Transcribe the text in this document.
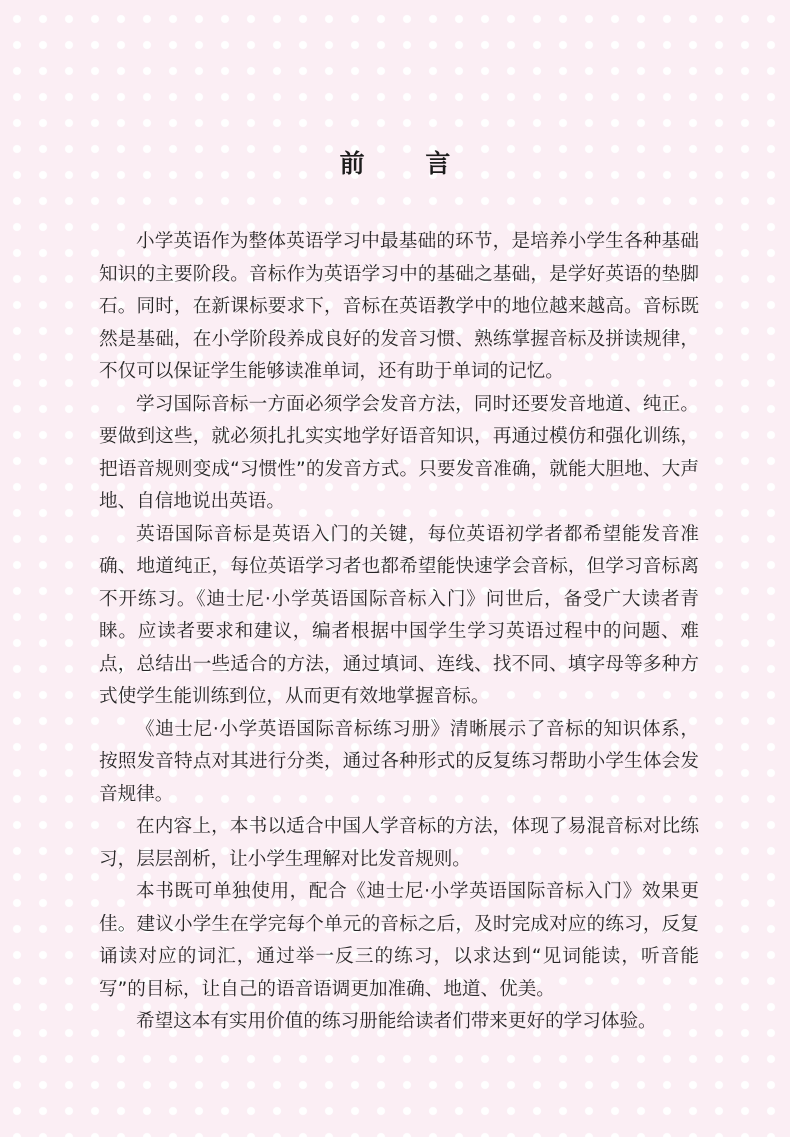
前 言

小学英语作为整体英语学习中最基础的环节，是培养小学生各种基础知识的主要阶段。音标作为英语学习中的基础之基础，是学好英语的垫脚石。同时，在新课标要求下，音标在英语教学中的地位越来越高。音标既然是基础，在小学阶段养成良好的发音习惯、熟练掌握音标及拼读规律，不仅可以保证学生能够读准单词，还有助于单词的记忆。

学习国际音标一方面必须学会发音方法，同时还要发音地道、纯正。要做到这些，就必须扎扎实实地学好语音知识，再通过模仿和强化训练，把语音规则变成“习惯性”的发音方式。只要发音准确，就能大胆地、大声地、自信地说出英语。

英语国际音标是英语入门的关键，每位英语初学者都希望能发音准确、地道纯正，每位英语学习者也都希望能快速学会音标，但学习音标离不开练习。《迪士尼·小学英语国际音标入门》问世后，备受广大读者青睐。应读者要求和建议，编者根据中国学生学习英语过程中的问题、难点，总结出一些适合的方法，通过填词、连线、找不同、填字母等多种方式使学生能训练到位，从而更有效地掌握音标。

《迪士尼·小学英语国际音标练习册》清晰展示了音标的知识体系，按照发音特点对其进行分类，通过各种形式的反复练习帮助小学生体会发音规律。

在内容上，本书以适合中国人学音标的方法，体现了易混音标对比练习，层层剖析，让小学生理解对比发音规则。

本书既可单独使用，配合《迪士尼·小学英语国际音标入门》效果更佳。建议小学生在学完每个单元的音标之后，及时完成对应的练习，反复诵读对应的词汇，通过举一反三的练习，以求达到“见词能读，听音能写”的目标，让自己的语音语调更加准确、地道、优美。

希望这本有实用价值的练习册能给读者们带来更好的学习体验。
